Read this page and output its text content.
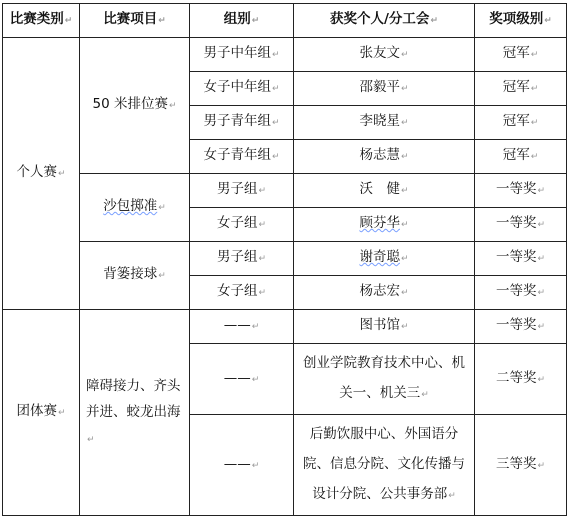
比赛类别↵	比赛项目↵	组别↵	获奖个人/分工会↵	奖项级别↵
个人赛↵	50 米排位赛↵	男子中年组↵	张友文↵	冠军↵
		女子中年组↵	邵毅平↵	冠军↵
		男子青年组↵	李晓星↵	冠军↵
		女子青年组↵	杨志慧↵	冠军↵
	沙包掷准↵	男子组↵	沃　健↵	一等奖↵
		女子组↵	顾芬华↵	一等奖↵
	背篓接球↵	男子组↵	谢奇聪↵	一等奖↵
		女子组↵	杨志宏↵	一等奖↵
团体赛↵	障碍接力、齐头并进、蛟龙出海↵	——↵	图书馆↵	一等奖↵
		——↵	创业学院教育技术中心、机关一、机关三↵	二等奖↵
		——↵	后勤饮服中心、外国语分院、信息分院、文化传播与设计分院、公共事务部↵	三等奖↵
